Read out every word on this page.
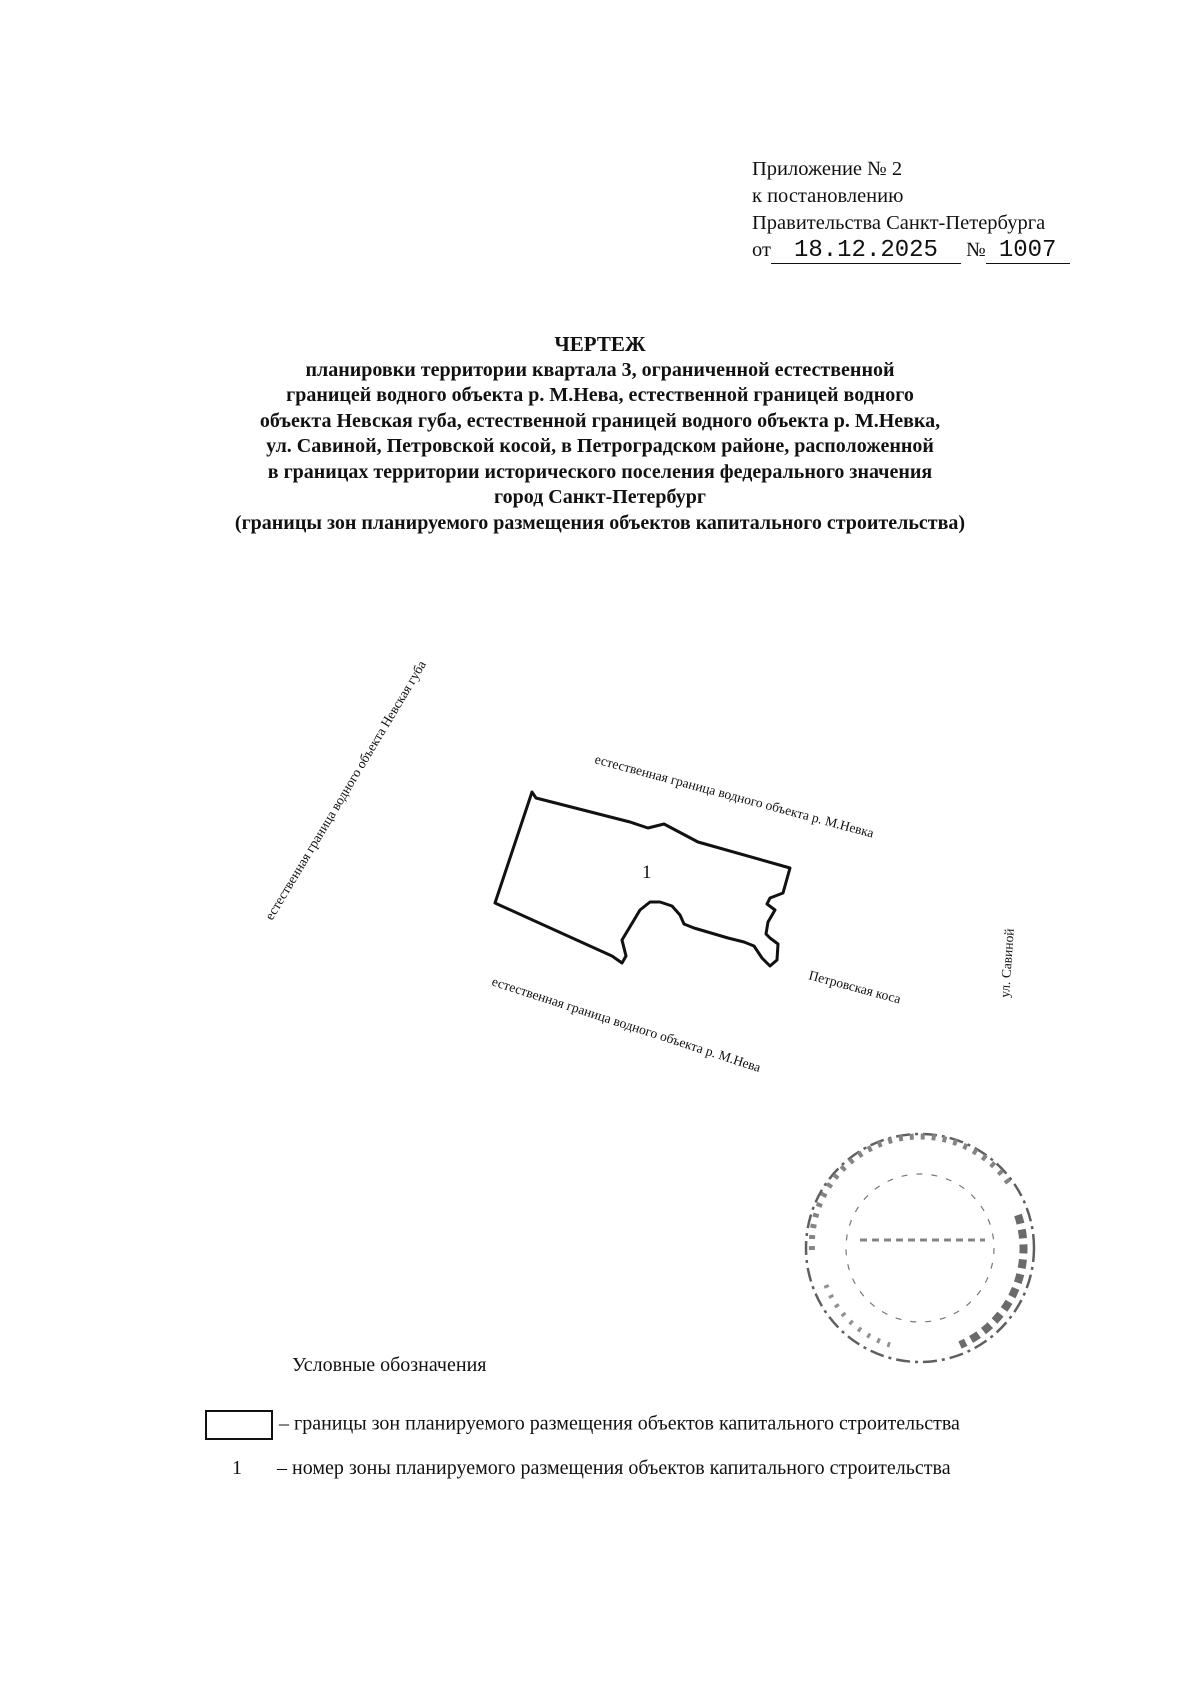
Приложение № 2
к постановлению
Правительства Санкт-Петербурга
от 18.12.2025 № 1007
ЧЕРТЕЖ
планировки территории квартала 3, ограниченной естественной
границей водного объекта р. М.Нева, естественной границей водного
объекта Невская губа, естественной границей водного объекта р. М.Невка,
ул. Савиной, Петровской косой, в Петроградском районе, расположенной
в границах территории исторического поселения федерального значения
город Санкт-Петербург
(границы зон планируемого размещения объектов капитального строительства)
естественная граница водного объекта Невская губа	естественная граница водного объекта р. М.Невка
естественная граница водного объекта р. М.Нева	Петровская коса	ул. Савиной
1
Условные обозначения
– границы зон планируемого размещения объектов капитального строительства
1 – номер зоны планируемого размещения объектов капитального строительства
